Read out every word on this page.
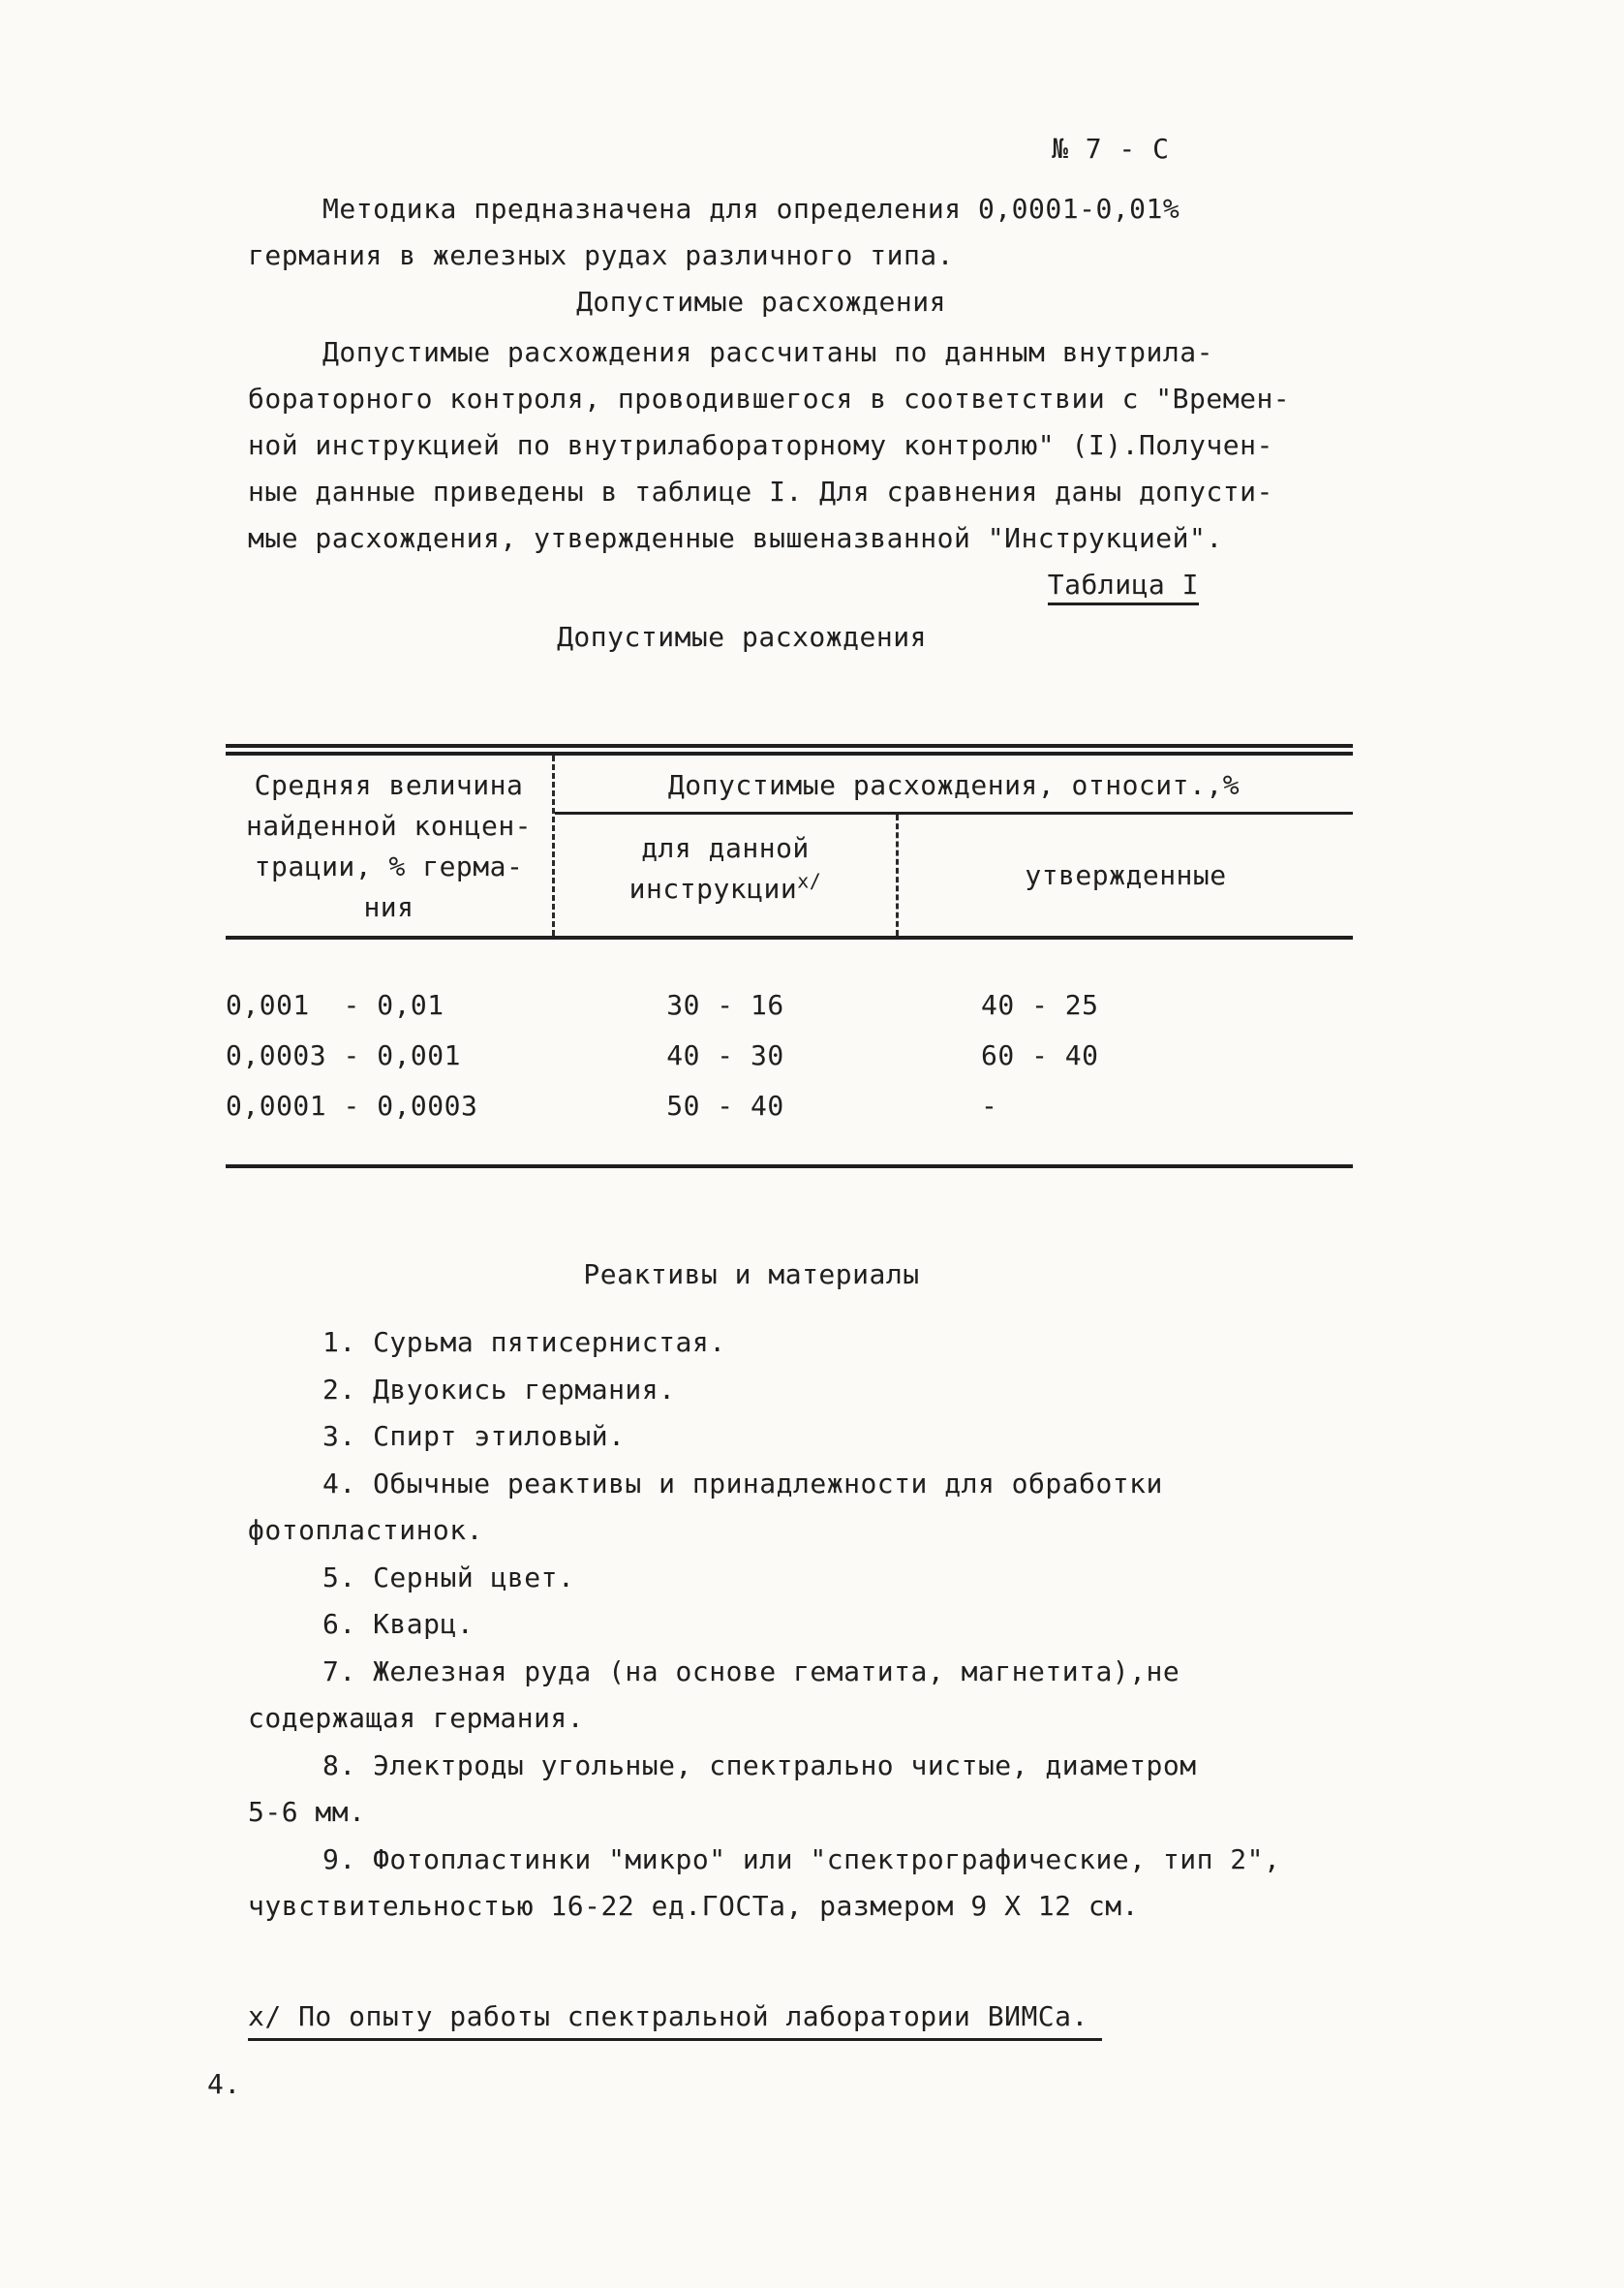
№ 7 - С
Методика предназначена для определения 0,0001-0,01%
германия в железных рудах различного типа.
Допустимые расхождения
Допустимые расхождения рассчитаны по данным внутрила-
бораторного контроля, проводившегося в соответствии с "Времен-
ной инструкцией по внутрилабораторному контролю" (I).Получен-
ные данные приведены в таблице I. Для сравнения даны допусти-
мые расхождения, утвержденные вышеназванной "Инструкцией".
Таблица I
Допустимые расхождения
Средняя величина
найденной концен-
трации, % герма-
ния
Допустимые расхождения, относит.,%
для данной
инструкции$^{х/}$	утвержденные
0,001  - 0,01	30 - 16	40 - 25
0,0003 - 0,001	40 - 30	60 - 40
0,0001 - 0,0003	50 - 40	-
Реактивы и материалы
1. Сурьма пятисернистая.
2. Двуокись германия.
3. Спирт этиловый.
4. Обычные реактивы и принадлежности для обработки
фотопластинок.
5. Серный цвет.
6. Кварц.
7. Железная руда (на основе гематита, магнетита),не
содержащая германия.
8. Электроды угольные, спектрально чистые, диаметром
5-6 мм.
9. Фотопластинки "микро" или "спектрографические, тип 2",
чувствительностью 16-22 ед.ГОСТа, размером 9 Х 12 см.
х/ По опыту работы спектральной лаборатории ВИМСа.
4.
